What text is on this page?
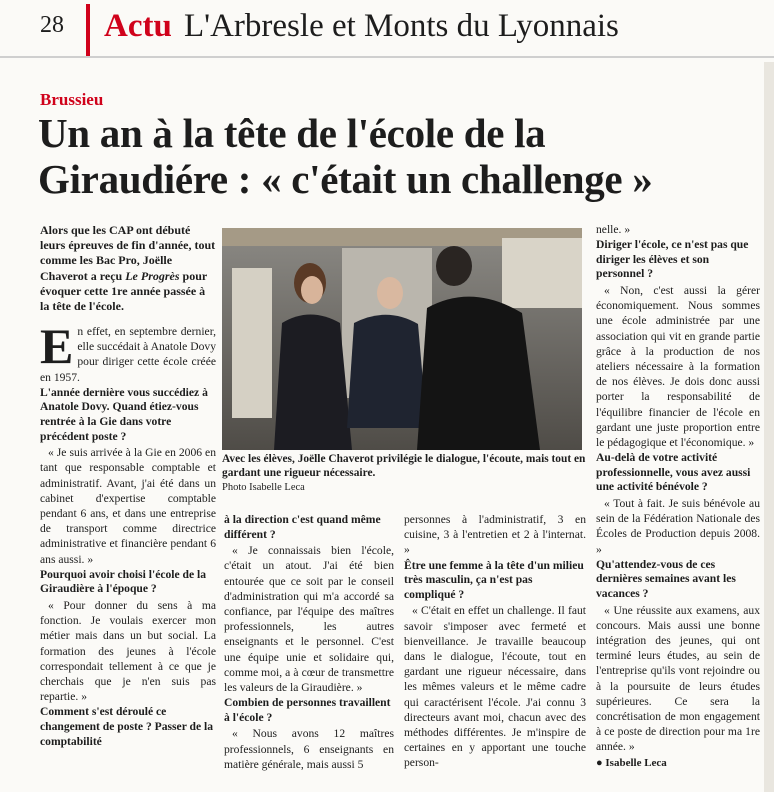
28 Actu L'Arbresle et Monts du Lyonnais
Brussieu
Un an à la tête de l'école de la Giraudiére : « c'était un challenge »
Alors que les CAP ont débuté leurs épreuves de fin d'année, tout comme les Bac Pro, Joëlle Chaverot a reçu Le Progrès pour évoquer cette 1re année passée à la tête de l'école.

En effet, en septembre dernier, elle succédait à Anatole Dovy pour diriger cette école créée en 1957.

L'année dernière vous succédiez à Anatole Dovy. Quand étiez-vous rentrée à la Gie dans votre précédent poste ?

« Je suis arrivée à la Gie en 2006 en tant que responsable comptable et administratif. Avant, j'ai été dans un cabinet d'expertise comptable pendant 6 ans, et dans une entreprise de transport comme directrice administrative et financière pendant 6 ans aussi. »

Pourquoi avoir choisi l'école de la Giraudière à l'époque ?

« Pour donner du sens à ma fonction. Je voulais exercer mon métier mais dans un but social. La formation des jeunes à l'école correspondait tellement à ce que je cherchais que je n'en suis pas repartie. »

Comment s'est déroulé ce changement de poste ? Passer de la comptabilité

Avec les élèves, Joëlle Chaverot privilégie le dialogue, l'écoute, mais tout en gardant une rigueur nécessaire.
Photo Isabelle Leca

à la direction c'est quand même différent ?

« Je connaissais bien l'école, c'était un atout. J'ai été bien entourée que ce soit par le conseil d'administration qui m'a accordé sa confiance, par l'équipe des maîtres professionnels, les autres enseignants et le personnel. C'est une équipe unie et solidaire qui, comme moi, a à cœur de transmettre les valeurs de la Giraudière. »

Combien de personnes travaillent à l'école ?

« Nous avons 12 maîtres professionnels, 6 enseignants en matière générale, mais aussi 5

personnes à l'administratif, 3 en cuisine, 3 à l'entretien et 2 à l'internat. »

Être une femme à la tête d'un milieu très masculin, ça n'est pas compliqué ?

« C'était en effet un challenge. Il faut savoir s'imposer avec fermeté et bienveillance. Je travaille beaucoup dans le dialogue, l'écoute, tout en gardant une rigueur nécessaire, dans les mêmes valeurs et le même cadre qui caractérisent l'école. J'ai connu 3 directeurs avant moi, chacun avec des méthodes différentes. Je m'inspire de certaines en y apportant une touche person-

nelle. »

Diriger l'école, ce n'est pas que diriger les élèves et son personnel ?

« Non, c'est aussi la gérer économiquement. Nous sommes une école administrée par une association qui vit en grande partie grâce à la production de nos ateliers nécessaire à la formation de nos élèves. Je dois donc aussi porter la responsabilité de l'équilibre financier de l'école en gardant une juste proportion entre le pédagogique et l'économique. »

Au-delà de votre activité professionnelle, vous avez aussi une activité bénévole ?

« Tout à fait. Je suis bénévole au sein de la Fédération Nationale des Écoles de Production depuis 2008. »

Qu'attendez-vous de ces dernières semaines avant les vacances ?

« Une réussite aux examens, aux concours. Mais aussi une bonne intégration des jeunes, qui ont terminé leurs études, au sein de l'entreprise qu'ils vont rejoindre ou à la poursuite de leurs études supérieures. Ce sera la concrétisation de mon engagement à ce poste de direction pour ma 1re année. »

● Isabelle Leca
